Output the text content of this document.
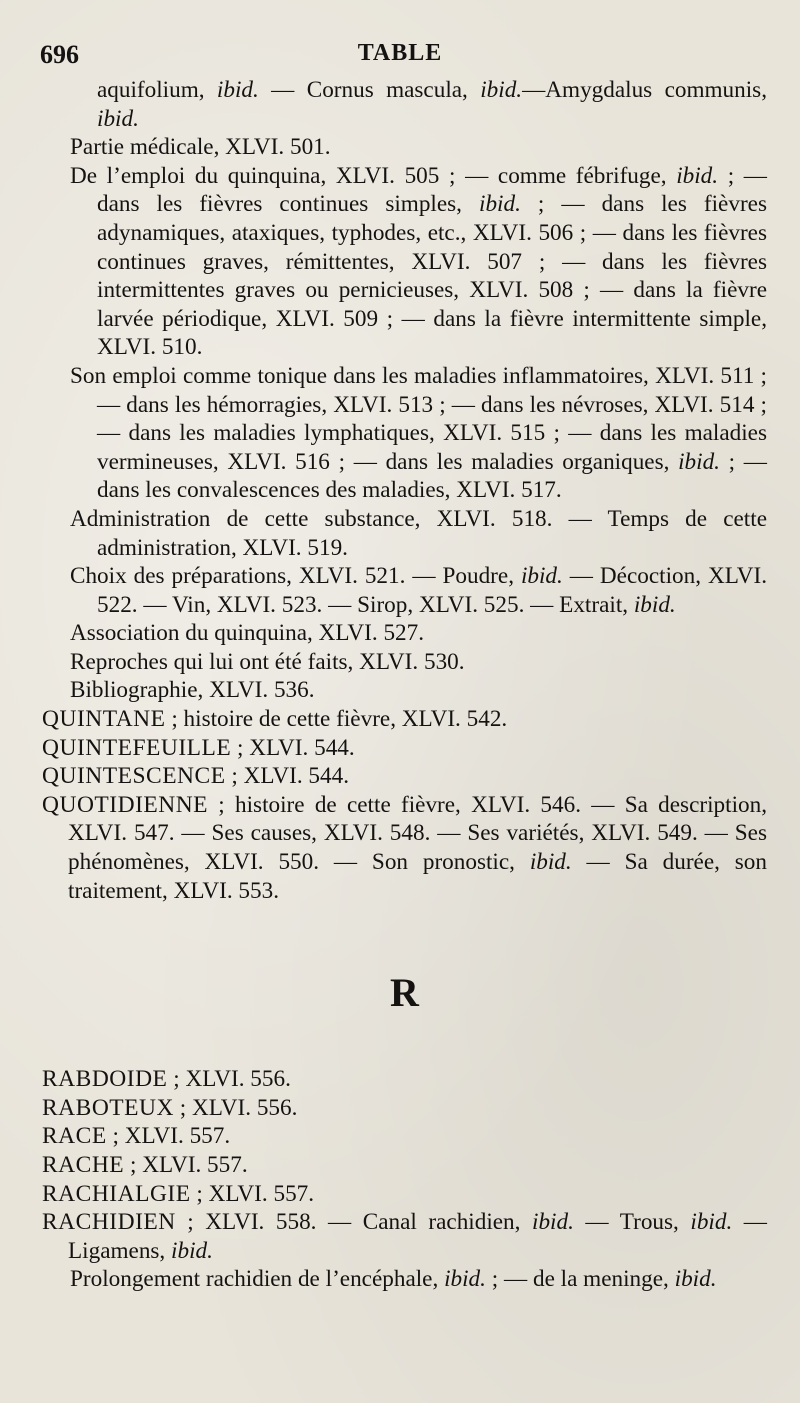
696	TABLE

aquifolium, ibid. — Cornus mascula, ibid.—Amygdalus communis, ibid.

Partie médicale, XLVI. 501.

De l’emploi du quinquina, XLVI. 505 ; — comme fébrifuge, ibid. ; — dans les fièvres continues simples, ibid. ; — dans les fièvres adynamiques, ataxiques, typhodes, etc., XLVI. 506 ; — dans les fièvres continues graves, rémittentes, XLVI. 507 ; — dans les fièvres intermittentes graves ou pernicieuses, XLVI. 508 ; — dans la fièvre larvée périodique, XLVI. 509 ; — dans la fièvre intermittente simple, XLVI. 510.

Son emploi comme tonique dans les maladies inflammatoires, XLVI. 511 ; — dans les hémorragies, XLVI. 513 ; — dans les névroses, XLVI. 514 ; — dans les maladies lymphatiques, XLVI. 515 ; — dans les maladies vermineuses, XLVI. 516 ; — dans les maladies organiques, ibid. ; — dans les convalescences des maladies, XLVI. 517.

Administration de cette substance, XLVI. 518. — Temps de cette administration, XLVI. 519.

Choix des préparations, XLVI. 521. — Poudre, ibid. — Décoction, XLVI. 522. — Vin, XLVI. 523. — Sirop, XLVI. 525. — Extrait, ibid.

Association du quinquina, XLVI. 527.

Reproches qui lui ont été faits, XLVI. 530.

Bibliographie, XLVI. 536.

QUINTANE ; histoire de cette fièvre, XLVI. 542.

QUINTEFEUILLE ; XLVI. 544.

QUINTESCENCE ; XLVI. 544.

QUOTIDIENNE ; histoire de cette fièvre, XLVI. 546. — Sa description, XLVI. 547. — Ses causes, XLVI. 548. — Ses variétés, XLVI. 549. — Ses phénomènes, XLVI. 550. — Son pronostic, ibid. — Sa durée, son traitement, XLVI. 553.

R

RABDOIDE ; XLVI. 556.

RABOTEUX ; XLVI. 556.

RACE ; XLVI. 557.

RACHE ; XLVI. 557.

RACHIALGIE ; XLVI. 557.

RACHIDIEN ; XLVI. 558. — Canal rachidien, ibid. — Trous, ibid. — Ligamens, ibid.

Prolongement rachidien de l’encéphale, ibid. ; — de la meninge, ibid.
